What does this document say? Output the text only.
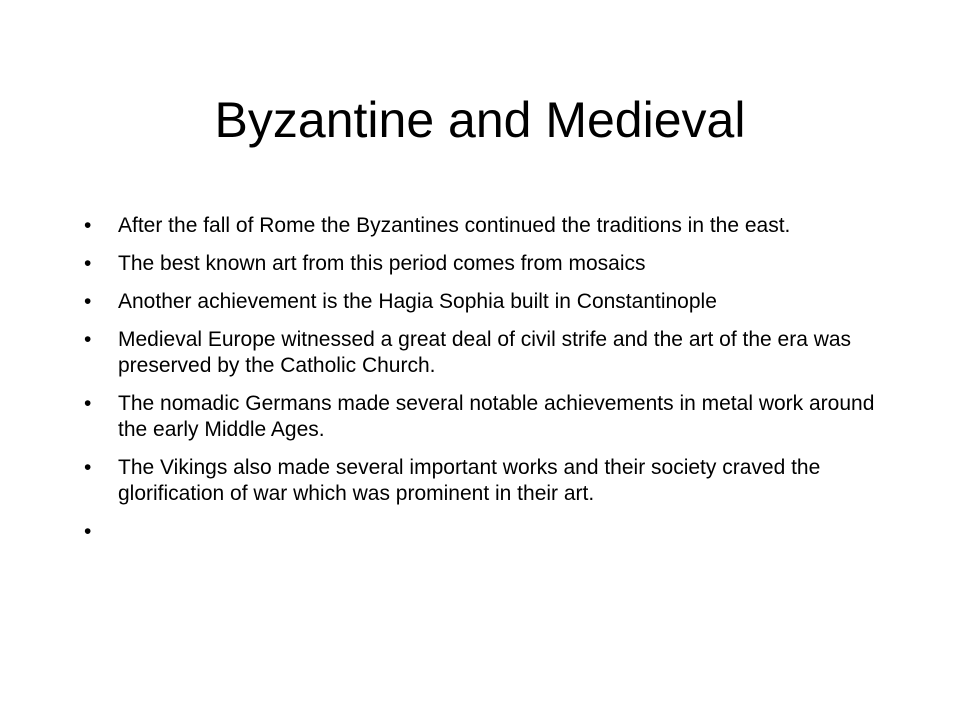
Byzantine and Medieval
•	After the fall of Rome the Byzantines continued the traditions in the east.
•	The best known art from this period comes from mosaics
•	Another achievement is the Hagia Sophia built in Constantinople
•	Medieval Europe witnessed a great deal of civil strife and the art of the era was preserved by the Catholic Church.
•	The nomadic Germans made several notable achievements in metal work around the early Middle Ages.
•	The Vikings also made several important works and their society craved the glorification of war which was prominent in their art.
•
